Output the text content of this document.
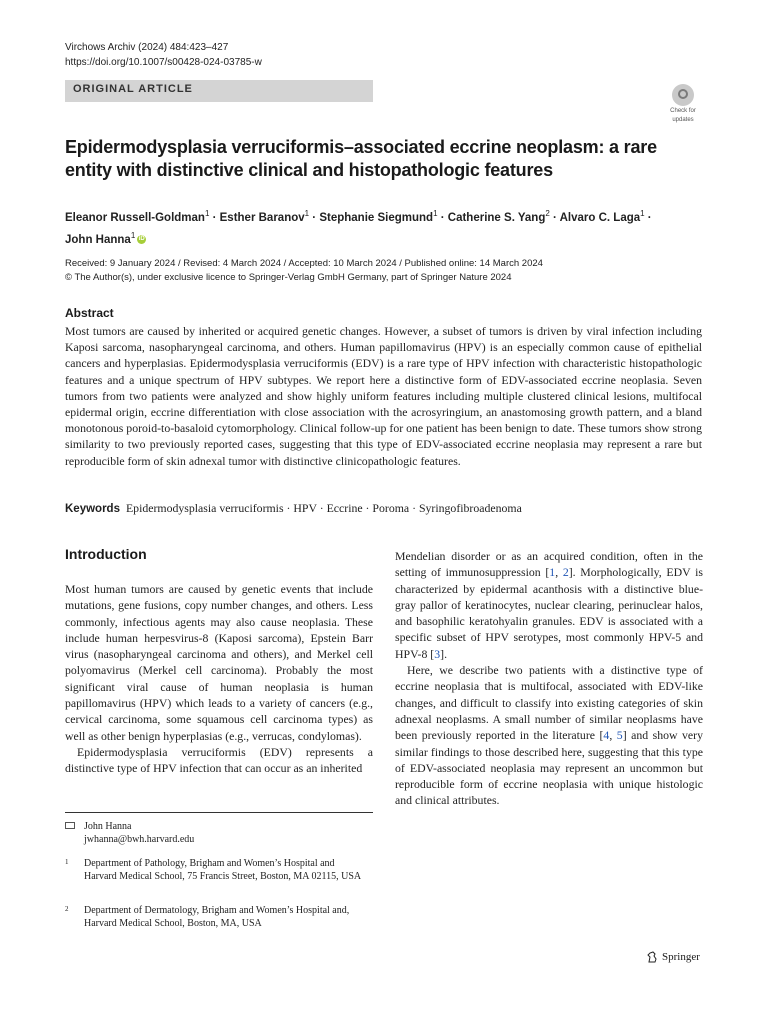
Virchows Archiv (2024) 484:423–427
https://doi.org/10.1007/s00428-024-03785-w
ORIGINAL ARTICLE
Check for
updates
Epidermodysplasia verruciformis–associated eccrine neoplasm: a rare entity with distinctive clinical and histopathologic features
Eleanor Russell-Goldman$^1$ · Esther Baranov$^1$ · Stephanie Siegmund$^1$ · Catherine S. Yang$^2$ · Alvaro C. Laga$^1$ ·
John Hanna$^1$ iD
Received: 9 January 2024 / Revised: 4 March 2024 / Accepted: 10 March 2024 / Published online: 14 March 2024
© The Author(s), under exclusive licence to Springer-Verlag GmbH Germany, part of Springer Nature 2024
Abstract
Most tumors are caused by inherited or acquired genetic changes. However, a subset of tumors is driven by viral infection including Kaposi sarcoma, nasopharyngeal carcinoma, and others. Human papillomavirus (HPV) is an especially common cause of epithelial cancers and hyperplasias. Epidermodysplasia verruciformis (EDV) is a rare type of HPV infection with characteristic histopathologic features and a unique spectrum of HPV subtypes. We report here a distinctive form of EDV-associated eccrine neoplasia. Seven tumors from two patients were analyzed and show highly uniform features including multiple clustered clinical lesions, multifocal epidermal origin, eccrine differentiation with close association with the acrosyringium, an anastomosing growth pattern, and a bland monotonous poroid-to-basaloid cytomorphology. Clinical follow-up for one patient has been benign to date. These tumors show strong similarity to two previously reported cases, suggesting that this type of EDV-associated eccrine neoplasia may represent a rare but reproducible form of skin adnexal tumor with distinctive clinicopathologic features.
Keywords Epidermodysplasia verruciformis · HPV · Eccrine · Poroma · Syringofibroadenoma
Introduction

Most human tumors are caused by genetic events that include mutations, gene fusions, copy number changes, and others. Less commonly, infectious agents may also cause neoplasia. These include human herpesvirus-8 (Kaposi sarcoma), Epstein Barr virus (nasopharyngeal carcinoma and others), and Merkel cell polyomavirus (Merkel cell carcinoma). Probably the most significant viral cause of human neoplasia is human papillomavirus (HPV) which leads to a variety of cancers (e.g., cervical carcinoma, some squamous cell carcinoma types) as well as other benign hyperplasias (e.g., verrucas, condylomas).

Epidermodysplasia verruciformis (EDV) represents a distinctive type of HPV infection that can occur as an inherited

Mendelian disorder or as an acquired condition, often in the setting of immunosuppression [1, 2]. Morphologically, EDV is characterized by epidermal acanthosis with a distinctive blue-gray pallor of keratinocytes, nuclear clearing, perinuclear halos, and basophilic keratohyalin granules. EDV is associated with a specific subset of HPV serotypes, most commonly HPV-5 and HPV-8 [3].

Here, we describe two patients with a distinctive type of eccrine neoplasia that is multifocal, associated with EDV-like changes, and difficult to classify into existing categories of skin adnexal neoplasms. A small number of similar neoplasms have been previously reported in the literature [4, 5] and show very similar findings to those described here, suggesting that this type of EDV-associated neoplasia may represent an uncommon but reproducible form of eccrine neoplasia with unique histologic and clinical attributes.

John Hanna
jwhanna@bwh.harvard.edu
1 Department of Pathology, Brigham and Women’s Hospital and Harvard Medical School, 75 Francis Street, Boston, MA 02115, USA
2 Department of Dermatology, Brigham and Women’s Hospital and, Harvard Medical School, Boston, MA, USA
Springer
